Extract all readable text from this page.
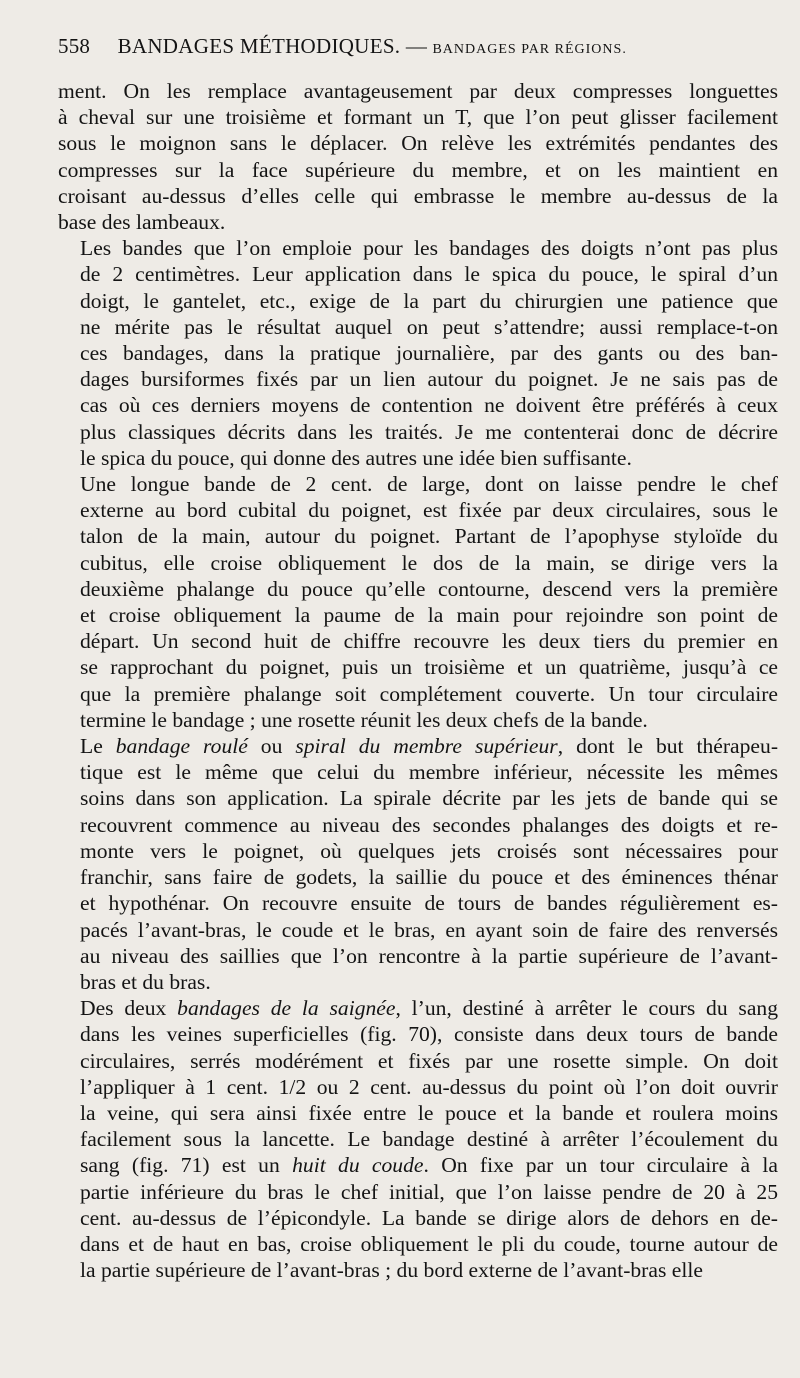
558 BANDAGES MÉTHODIQUES. — BANDAGES PAR RÉGIONS.

ment. On les remplace avantageusement par deux compresses longuettes
à cheval sur une troisième et formant un T, que l’on peut glisser facilement
sous le moignon sans le déplacer. On relève les extrémités pendantes des
compresses sur la face supérieure du membre, et on les maintient en
croisant au-dessus d’elles celle qui embrasse le membre au-dessus de la
base des lambeaux.

Les bandes que l’on emploie pour les bandages des doigts n’ont pas plus
de 2 centimètres. Leur application dans le spica du pouce, le spiral d’un
doigt, le gantelet, etc., exige de la part du chirurgien une patience que
ne mérite pas le résultat auquel on peut s’attendre; aussi remplace-t-on
ces bandages, dans la pratique journalière, par des gants ou des ban-
dages bursiformes fixés par un lien autour du poignet. Je ne sais pas de
cas où ces derniers moyens de contention ne doivent être préférés à ceux
plus classiques décrits dans les traités. Je me contenterai donc de décrire
le spica du pouce, qui donne des autres une idée bien suffisante.

Une longue bande de 2 cent. de large, dont on laisse pendre le chef
externe au bord cubital du poignet, est fixée par deux circulaires, sous le
talon de la main, autour du poignet. Partant de l’apophyse styloïde du
cubitus, elle croise obliquement le dos de la main, se dirige vers la
deuxième phalange du pouce qu’elle contourne, descend vers la première
et croise obliquement la paume de la main pour rejoindre son point de
départ. Un second huit de chiffre recouvre les deux tiers du premier en
se rapprochant du poignet, puis un troisième et un quatrième, jusqu’à ce
que la première phalange soit complétement couverte. Un tour circulaire
termine le bandage ; une rosette réunit les deux chefs de la bande.

Le bandage roulé ou spiral du membre supérieur, dont le but thérapeu-
tique est le même que celui du membre inférieur, nécessite les mêmes
soins dans son application. La spirale décrite par les jets de bande qui se
recouvrent commence au niveau des secondes phalanges des doigts et re-
monte vers le poignet, où quelques jets croisés sont nécessaires pour
franchir, sans faire de godets, la saillie du pouce et des éminences thénar
et hypothénar. On recouvre ensuite de tours de bandes régulièrement es-
pacés l’avant-bras, le coude et le bras, en ayant soin de faire des renversés
au niveau des saillies que l’on rencontre à la partie supérieure de l’avant-
bras et du bras.

Des deux bandages de la saignée, l’un, destiné à arrêter le cours du sang
dans les veines superficielles (fig. 70), consiste dans deux tours de bande
circulaires, serrés modérément et fixés par une rosette simple. On doit
l’appliquer à 1 cent. 1/2 ou 2 cent. au-dessus du point où l’on doit ouvrir
la veine, qui sera ainsi fixée entre le pouce et la bande et roulera moins
facilement sous la lancette. Le bandage destiné à arrêter l’écoulement du
sang (fig. 71) est un huit du coude. On fixe par un tour circulaire à la
partie inférieure du bras le chef initial, que l’on laisse pendre de 20 à 25
cent. au-dessus de l’épicondyle. La bande se dirige alors de dehors en de-
dans et de haut en bas, croise obliquement le pli du coude, tourne autour de
la partie supérieure de l’avant-bras ; du bord externe de l’avant-bras elle
